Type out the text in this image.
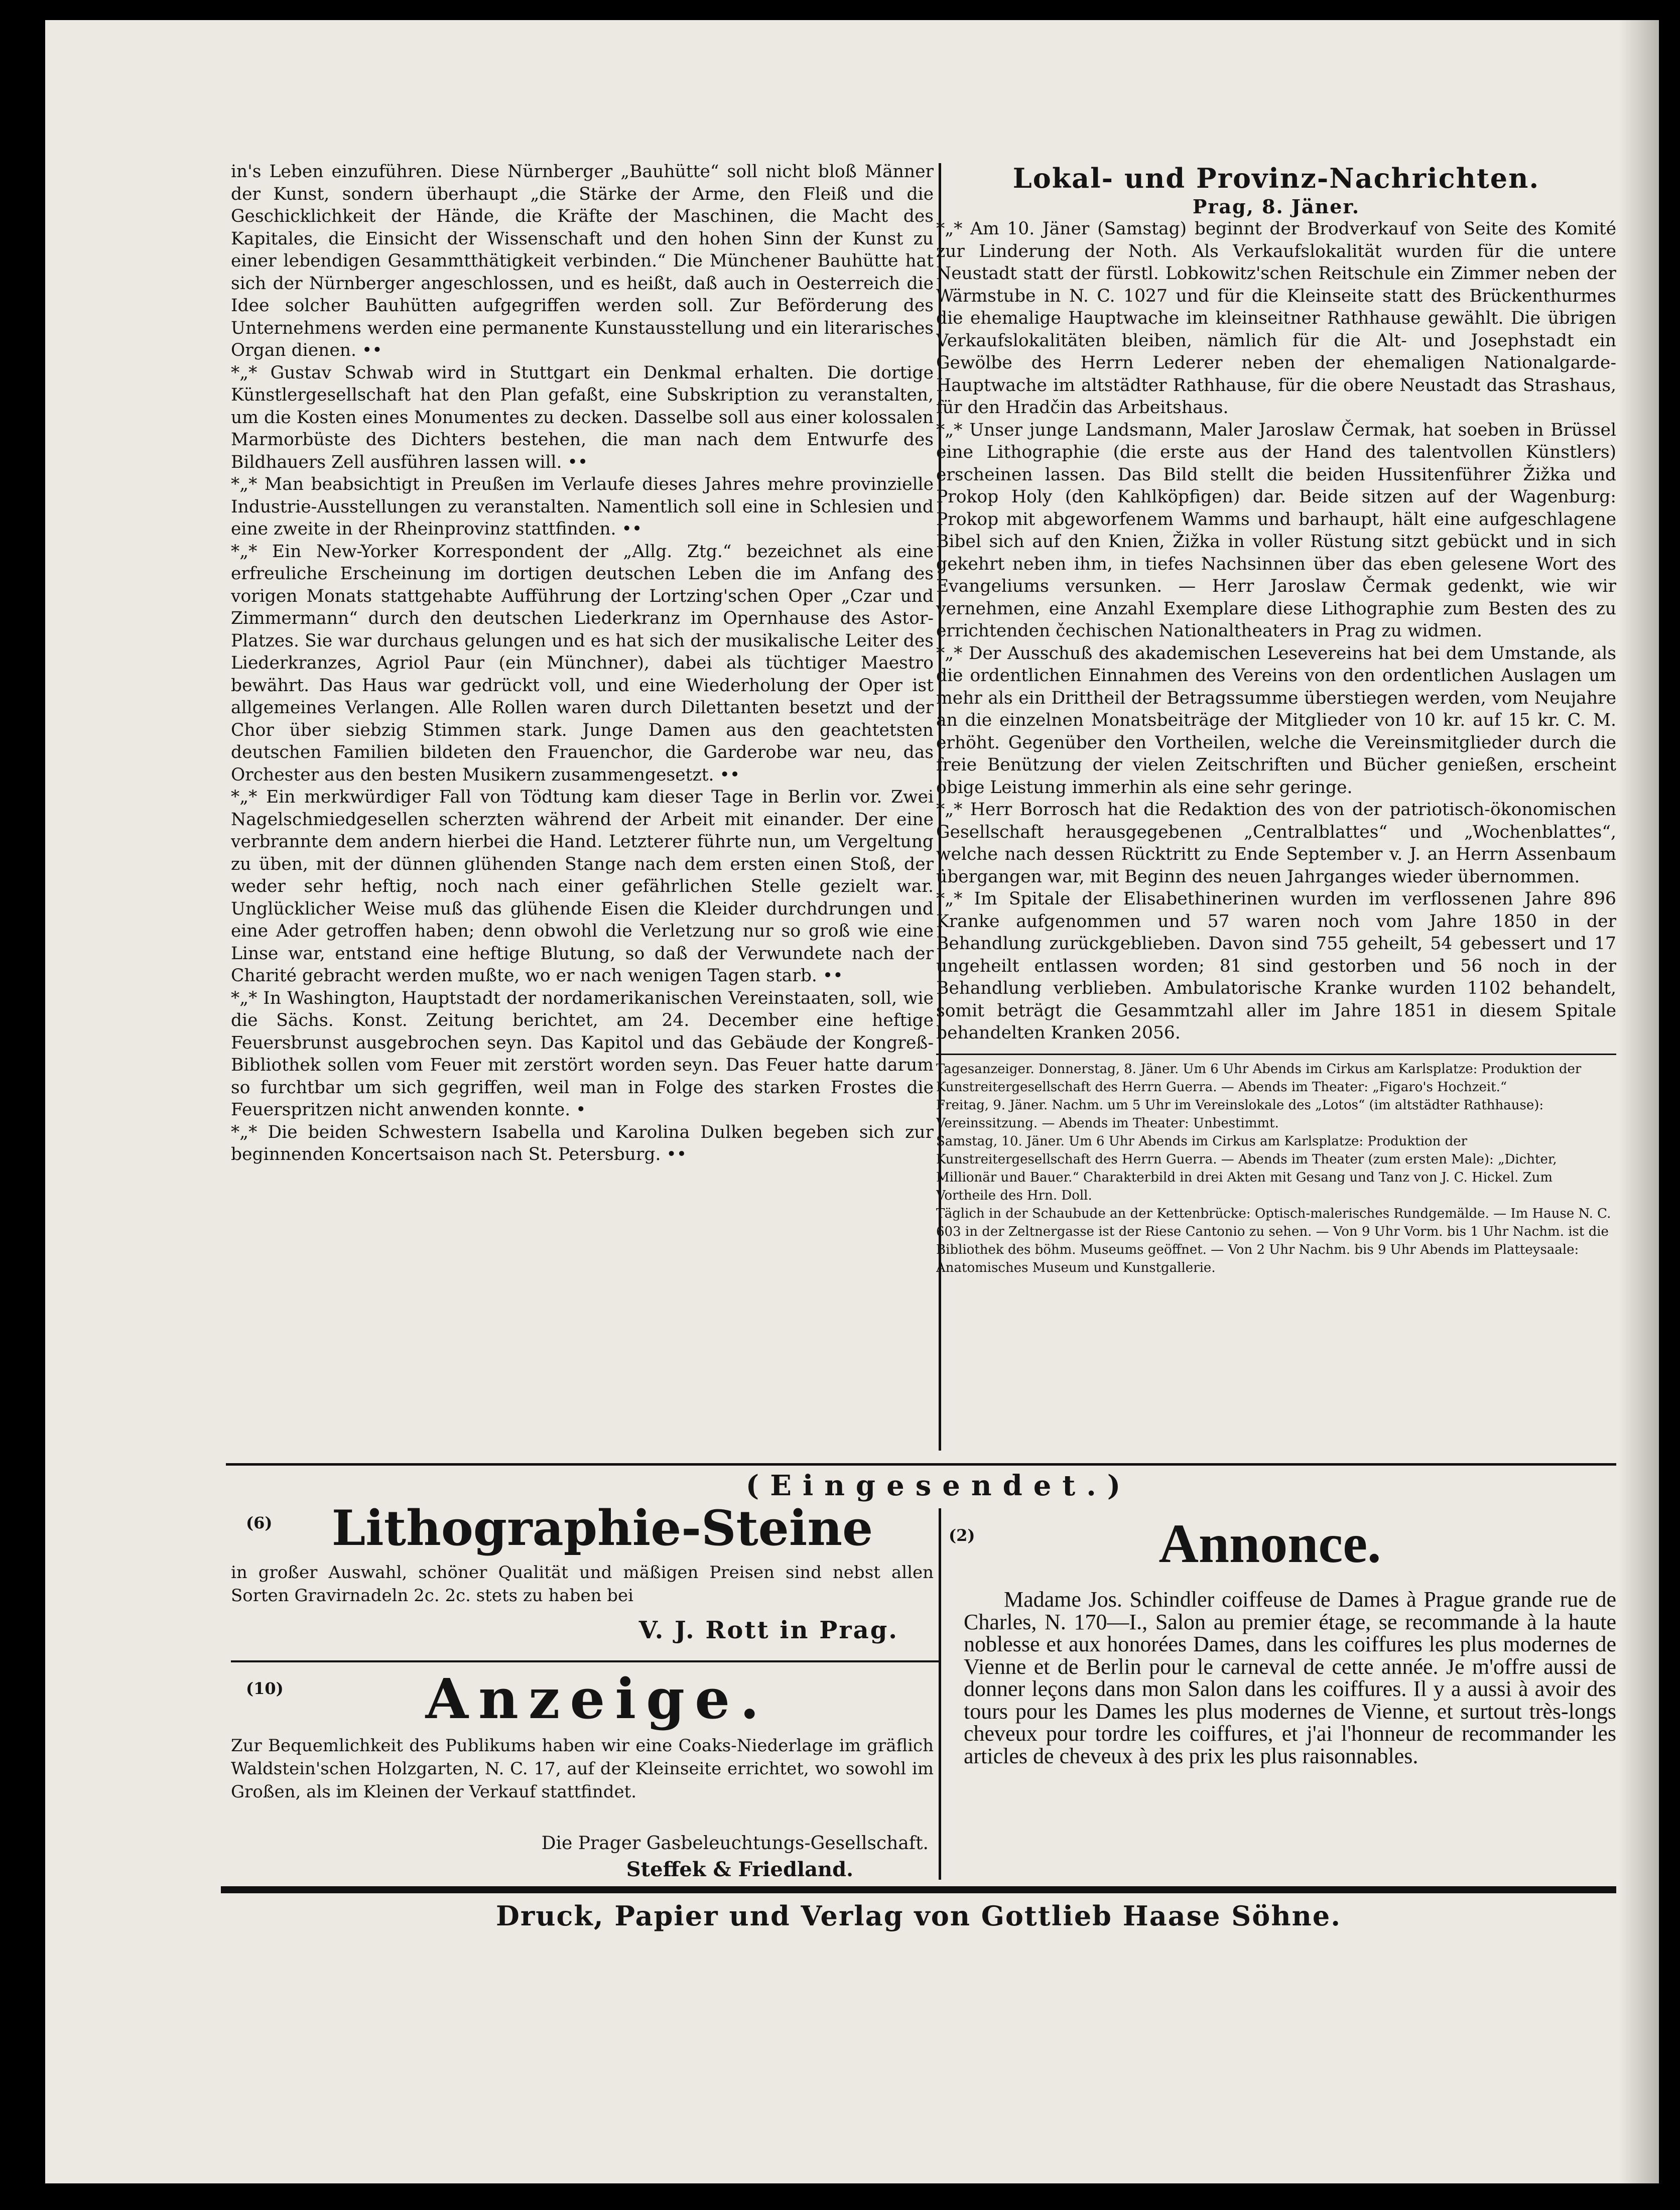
in's Leben einzuführen. Diese Nürnberger „Bauhütte“ soll nicht bloß Männer der Kunst, sondern überhaupt „die Stärke der Arme, den Fleiß und die Geschicklichkeit der Hände, die Kräfte der Maschinen, die Macht des Kapitales, die Einsicht der Wissenschaft und den hohen Sinn der Kunst zu einer lebendigen Gesammtthätigkeit verbinden.“ Die Münchener Bauhütte hat sich der Nürnberger angeschlossen, und es heißt, daß auch in Oesterreich die Idee solcher Bauhütten aufgegriffen werden soll. Zur Beförderung des Unternehmens werden eine permanente Kunstausstellung und ein literarisches Organ dienen. ••

*„* Gustav Schwab wird in Stuttgart ein Denkmal erhalten. Die dortige Künstlergesellschaft hat den Plan gefaßt, eine Subskription zu veranstalten, um die Kosten eines Monumentes zu decken. Dasselbe soll aus einer kolossalen Marmorbüste des Dichters bestehen, die man nach dem Entwurfe des Bildhauers Zell ausführen lassen will. ••

*„* Man beabsichtigt in Preußen im Verlaufe dieses Jahres mehre provinzielle Industrie-Ausstellungen zu veranstalten. Namentlich soll eine in Schlesien und eine zweite in der Rheinprovinz stattfinden. ••

*„* Ein New-Yorker Korrespondent der „Allg. Ztg.“ bezeichnet als eine erfreuliche Erscheinung im dortigen deutschen Leben die im Anfang des vorigen Monats stattgehabte Aufführung der Lortzing'schen Oper „Czar und Zimmermann“ durch den deutschen Liederkranz im Opernhause des Astor-Platzes. Sie war durchaus gelungen und es hat sich der musikalische Leiter des Liederkranzes, Agriol Paur (ein Münchner), dabei als tüchtiger Maestro bewährt. Das Haus war gedrückt voll, und eine Wiederholung der Oper ist allgemeines Verlangen. Alle Rollen waren durch Dilettanten besetzt und der Chor über siebzig Stimmen stark. Junge Damen aus den geachtetsten deutschen Familien bildeten den Frauenchor, die Garderobe war neu, das Orchester aus den besten Musikern zusammengesetzt. ••

*„* Ein merkwürdiger Fall von Tödtung kam dieser Tage in Berlin vor. Zwei Nagelschmiedgesellen scherzten während der Arbeit mit einander. Der eine verbrannte dem andern hierbei die Hand. Letzterer führte nun, um Vergeltung zu üben, mit der dünnen glühenden Stange nach dem ersten einen Stoß, der weder sehr heftig, noch nach einer gefährlichen Stelle gezielt war. Unglücklicher Weise muß das glühende Eisen die Kleider durchdrungen und eine Ader getroffen haben; denn obwohl die Verletzung nur so groß wie eine Linse war, entstand eine heftige Blutung, so daß der Verwundete nach der Charité gebracht werden mußte, wo er nach wenigen Tagen starb. ••

*„* In Washington, Hauptstadt der nordamerikanischen Vereinstaaten, soll, wie die Sächs. Konst. Zeitung berichtet, am 24. December eine heftige Feuersbrunst ausgebrochen seyn. Das Kapitol und das Gebäude der Kongreß-Bibliothek sollen vom Feuer mit zerstört worden seyn. Das Feuer hatte darum so furchtbar um sich gegriffen, weil man in Folge des starken Frostes die Feuerspritzen nicht anwenden konnte. •

*„* Die beiden Schwestern Isabella und Karolina Dulken begeben sich zur beginnenden Koncertsaison nach St. Petersburg. ••

Lokal- und Provinz-Nachrichten.

Prag, 8. Jäner.

*„* Am 10. Jäner (Samstag) beginnt der Brodverkauf von Seite des Komité zur Linderung der Noth. Als Verkaufslokalität wurden für die untere Neustadt statt der fürstl. Lobkowitz'schen Reitschule ein Zimmer neben der Wärmstube in N. C. 1027 und für die Kleinseite statt des Brückenthurmes die ehemalige Hauptwache im kleinseitner Rathhause gewählt. Die übrigen Verkaufslokalitäten bleiben, nämlich für die Alt- und Josephstadt ein Gewölbe des Herrn Lederer neben der ehemaligen Nationalgarde-Hauptwache im altstädter Rathhause, für die obere Neustadt das Strashaus, für den Hradčin das Arbeitshaus.

*„* Unser junge Landsmann, Maler Jaroslaw Čermak, hat soeben in Brüssel eine Lithographie (die erste aus der Hand des talentvollen Künstlers) erscheinen lassen. Das Bild stellt die beiden Hussitenführer Žižka und Prokop Holy (den Kahlköpfigen) dar. Beide sitzen auf der Wagenburg: Prokop mit abgeworfenem Wamms und barhaupt, hält eine aufgeschlagene Bibel sich auf den Knien, Žižka in voller Rüstung sitzt gebückt und in sich gekehrt neben ihm, in tiefes Nachsinnen über das eben gelesene Wort des Evangeliums versunken. — Herr Jaroslaw Čermak gedenkt, wie wir vernehmen, eine Anzahl Exemplare diese Lithographie zum Besten des zu errichtenden čechischen Nationaltheaters in Prag zu widmen.

*„* Der Ausschuß des akademischen Lesevereins hat bei dem Umstande, als die ordentlichen Einnahmen des Vereins von den ordentlichen Auslagen um mehr als ein Drittheil der Betragssumme überstiegen werden, vom Neujahre an die einzelnen Monatsbeiträge der Mitglieder von 10 kr. auf 15 kr. C. M. erhöht. Gegenüber den Vortheilen, welche die Vereinsmitglieder durch die freie Benützung der vielen Zeitschriften und Bücher genießen, erscheint obige Leistung immerhin als eine sehr geringe.

*„* Herr Borrosch hat die Redaktion des von der patriotisch-ökonomischen Gesellschaft herausgegebenen „Centralblattes“ und „Wochenblattes“, welche nach dessen Rücktritt zu Ende September v. J. an Herrn Assenbaum übergangen war, mit Beginn des neuen Jahrganges wieder übernommen.

*„* Im Spitale der Elisabethinerinen wurden im verflossenen Jahre 896 Kranke aufgenommen und 57 waren noch vom Jahre 1850 in der Behandlung zurückgeblieben. Davon sind 755 geheilt, 54 gebessert und 17 ungeheilt entlassen worden; 81 sind gestorben und 56 noch in der Behandlung verblieben. Ambulatorische Kranke wurden 1102 behandelt, somit beträgt die Gesammtzahl aller im Jahre 1851 in diesem Spitale behandelten Kranken 2056.

Tagesanzeiger. Donnerstag, 8. Jäner. Um 6 Uhr Abends im Cirkus am Karlsplatze: Produktion der Kunstreitergesellschaft des Herrn Guerra. — Abends im Theater: „Figaro's Hochzeit.“

Freitag, 9. Jäner. Nachm. um 5 Uhr im Vereinslokale des „Lotos“ (im altstädter Rathhause): Vereinssitzung. — Abends im Theater: Unbestimmt.

Samstag, 10. Jäner. Um 6 Uhr Abends im Cirkus am Karlsplatze: Produktion der Kunstreitergesellschaft des Herrn Guerra. — Abends im Theater (zum ersten Male): „Dichter, Millionär und Bauer.“ Charakterbild in drei Akten mit Gesang und Tanz von J. C. Hickel. Zum Vortheile des Hrn. Doll.

Täglich in der Schaubude an der Kettenbrücke: Optisch-malerisches Rundgemälde. — Im Hause N. C. 603 in der Zeltnergasse ist der Riese Cantonio zu sehen. — Von 9 Uhr Vorm. bis 1 Uhr Nachm. ist die Bibliothek des böhm. Museums geöffnet. — Von 2 Uhr Nachm. bis 9 Uhr Abends im Platteysaale: Anatomisches Museum und Kunstgallerie.

(Eingesendet.)
(6)	Lithographie-Steine
in großer Auswahl, schöner Qualität und mäßigen Preisen sind nebst allen Sorten Gravirnadeln 2c. 2c. stets zu haben bei
V. J. Rott in Prag.
(10)	Anzeige.
Zur Bequemlichkeit des Publikums haben wir eine Coaks-Niederlage im gräflich Waldstein'schen Holzgarten, N. C. 17, auf der Kleinseite errichtet, wo sowohl im Großen, als im Kleinen der Verkauf stattfindet.
Die Prager Gasbeleuchtungs-Gesellschaft.
Steffek & Friedland.
(2)	Annonce.
Madame Jos. Schindler coiffeuse de Dames à Prague grande rue de Charles, N. 170—I., Salon au premier étage, se recommande à la haute noblesse et aux honorées Dames, dans les coiffures les plus modernes de Vienne et de Berlin pour le carneval de cette année. Je m'offre aussi de donner leçons dans mon Salon dans les coiffures. Il y a aussi à avoir des tours pour les Dames les plus modernes de Vienne, et surtout très-longs cheveux pour tordre les coiffures, et j'ai l'honneur de recommander les articles de cheveux à des prix les plus raisonnables.
Druck, Papier und Verlag von Gottlieb Haase Söhne.
